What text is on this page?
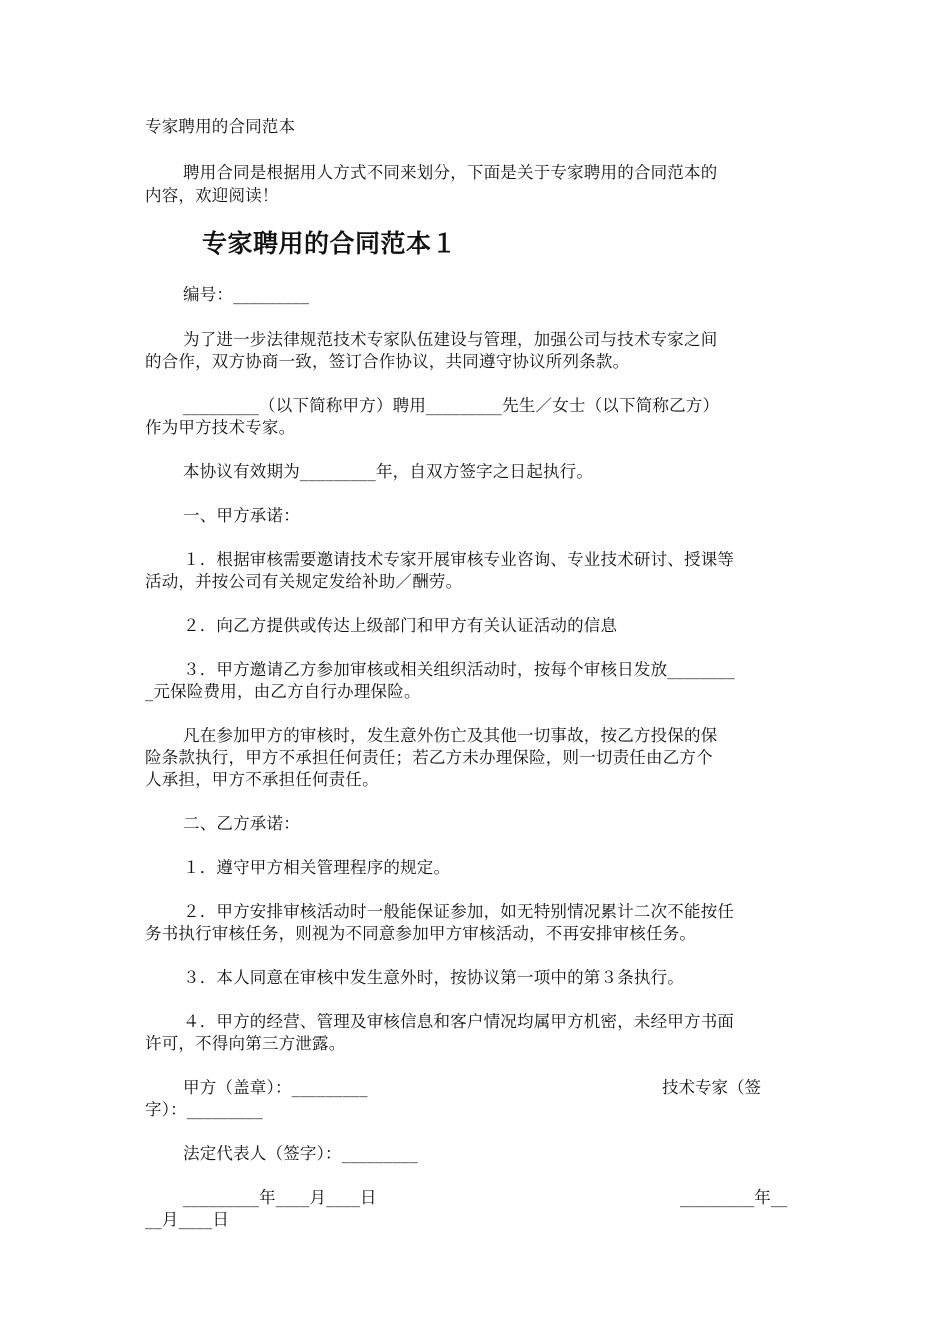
专家聘用的合同范本
聘用合同是根据用人方式不同来划分，下面是关于专家聘用的合同范本的
内容，欢迎阅读！
专家聘用的合同范本１
编号：_________
为了进一步法律规范技术专家队伍建设与管理，加强公司与技术专家之间
的合作，双方协商一致，签订合作协议，共同遵守协议所列条款。
_________（以下简称甲方）聘用_________先生／女士（以下简称乙方）
作为甲方技术专家。
本协议有效期为_________年，自双方签字之日起执行。
一、甲方承诺：
１．根据审核需要邀请技术专家开展审核专业咨询、专业技术研讨、授课等
活动，并按公司有关规定发给补助／酬劳。
２．向乙方提供或传达上级部门和甲方有关认证活动的信息
３．甲方邀请乙方参加审核或相关组织活动时，按每个审核日发放________
_元保险费用，由乙方自行办理保险。
凡在参加甲方的审核时，发生意外伤亡及其他一切事故，按乙方投保的保
险条款执行，甲方不承担任何责任；若乙方未办理保险，则一切责任由乙方个
人承担，甲方不承担任何责任。
二、乙方承诺：
１．遵守甲方相关管理程序的规定。
２．甲方安排审核活动时一般能保证参加，如无特别情况累计二次不能按任
务书执行审核任务，则视为不同意参加甲方审核活动，不再安排审核任务。
３．本人同意在审核中发生意外时，按协议第一项中的第３条执行。
４．甲方的经营、管理及审核信息和客户情况均属甲方机密，未经甲方书面
许可，不得向第三方泄露。
甲方（盖章）：_________	技术专家（签
字）：_________
法定代表人（签字）：_________
_________年____月____日	_________年__
__月____日
